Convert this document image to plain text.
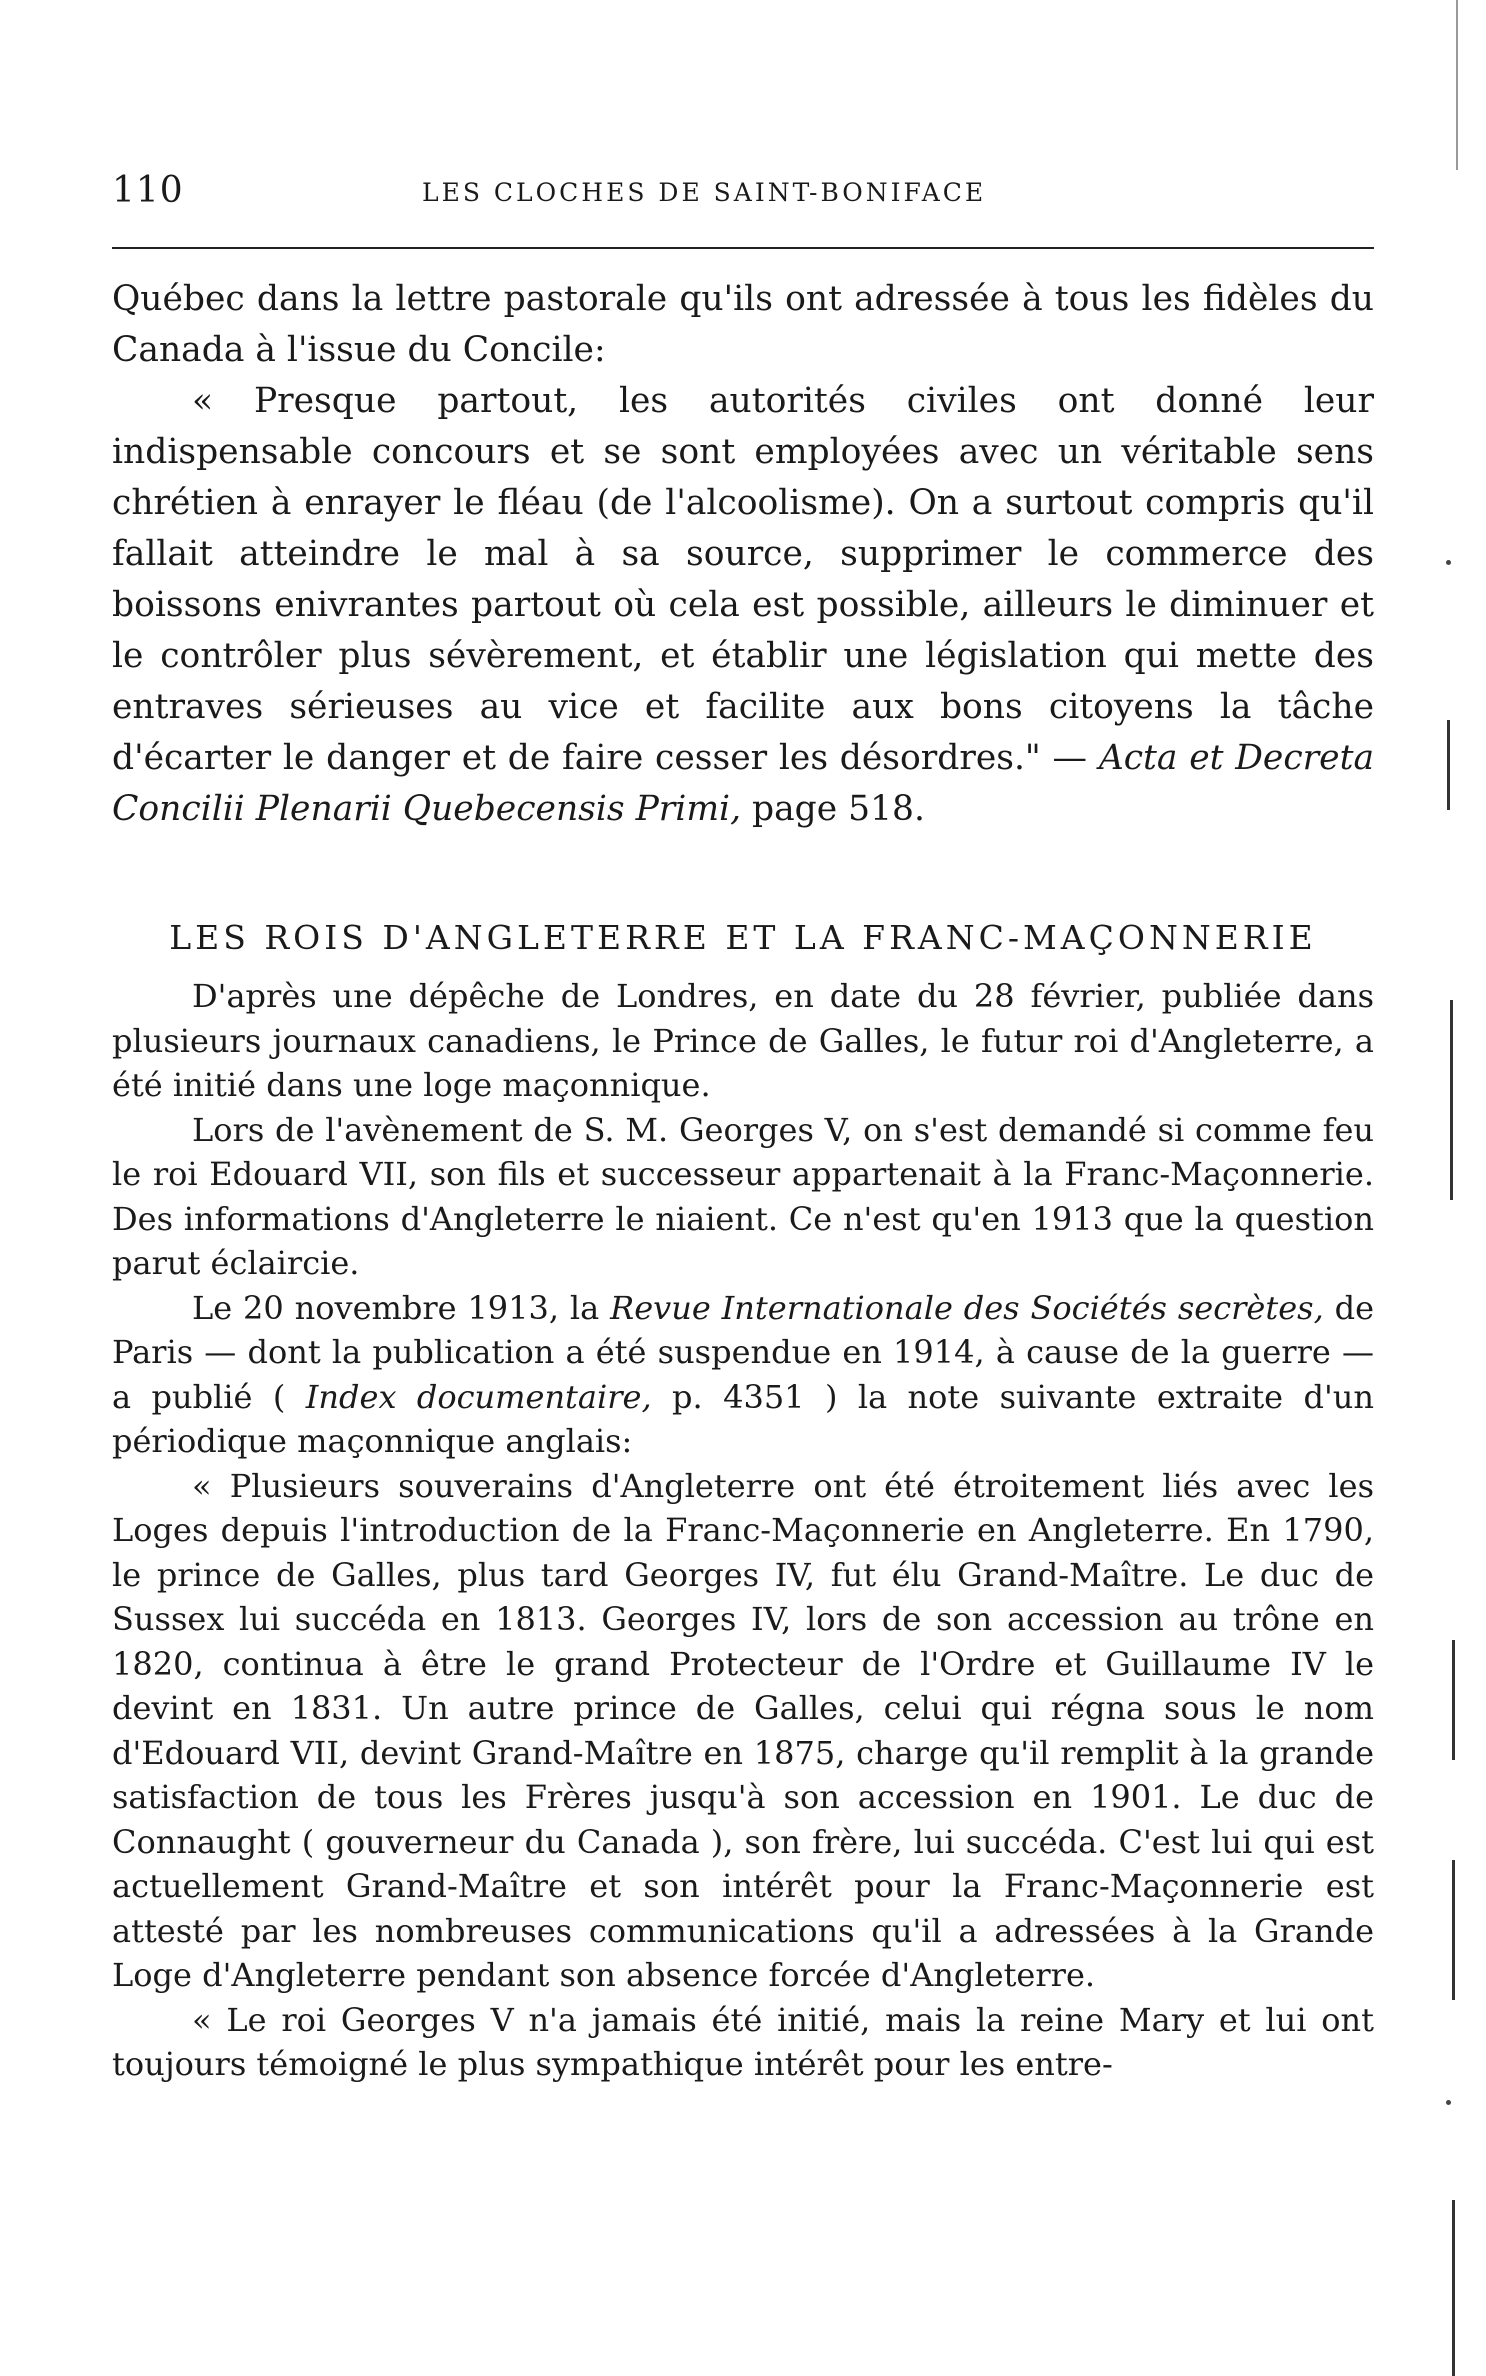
110	LES CLOCHES DE SAINT-BONIFACE

Québec dans la lettre pastorale qu'ils ont adressée à tous les fidèles du Canada à l'issue du Concile:

« Presque partout, les autorités civiles ont donné leur indispensable concours et se sont employées avec un véritable sens chrétien à enrayer le fléau (de l'alcoolisme). On a surtout compris qu'il fallait atteindre le mal à sa source, supprimer le commerce des boissons enivrantes partout où cela est possible, ailleurs le diminuer et le contrôler plus sévèrement, et établir une législation qui mette des entraves sérieuses au vice et facilite aux bons citoyens la tâche d'écarter le danger et de faire cesser les désordres." — Acta et Decreta Concilii Plenarii Quebecensis Primi, page 518.

LES ROIS D'ANGLETERRE ET LA FRANC-MAÇONNERIE

D'après une dépêche de Londres, en date du 28 février, publiée dans plusieurs journaux canadiens, le Prince de Galles, le futur roi d'Angleterre, a été initié dans une loge maçonnique.

Lors de l'avènement de S. M. Georges V, on s'est demandé si comme feu le roi Edouard VII, son fils et successeur appartenait à la Franc-Maçonnerie. Des informations d'Angleterre le niaient. Ce n'est qu'en 1913 que la question parut éclaircie.

Le 20 novembre 1913, la Revue Internationale des Sociétés secrètes, de Paris — dont la publication a été suspendue en 1914, à cause de la guerre — a publié ( Index documentaire, p. 4351 ) la note suivante extraite d'un périodique maçonnique anglais:

« Plusieurs souverains d'Angleterre ont été étroitement liés avec les Loges depuis l'introduction de la Franc-Maçonnerie en Angleterre. En 1790, le prince de Galles, plus tard Georges IV, fut élu Grand-Maître. Le duc de Sussex lui succéda en 1813. Georges IV, lors de son accession au trône en 1820, continua à être le grand Protecteur de l'Ordre et Guillaume IV le devint en 1831. Un autre prince de Galles, celui qui régna sous le nom d'Edouard VII, devint Grand-Maître en 1875, charge qu'il remplit à la grande satisfaction de tous les Frères jusqu'à son accession en 1901. Le duc de Connaught ( gouverneur du Canada ), son frère, lui succéda. C'est lui qui est actuellement Grand-Maître et son intérêt pour la Franc-Maçonnerie est attesté par les nombreuses communications qu'il a adressées à la Grande Loge d'Angleterre pendant son absence forcée d'Angleterre.

« Le roi Georges V n'a jamais été initié, mais la reine Mary et lui ont toujours témoigné le plus sympathique intérêt pour les entre-
